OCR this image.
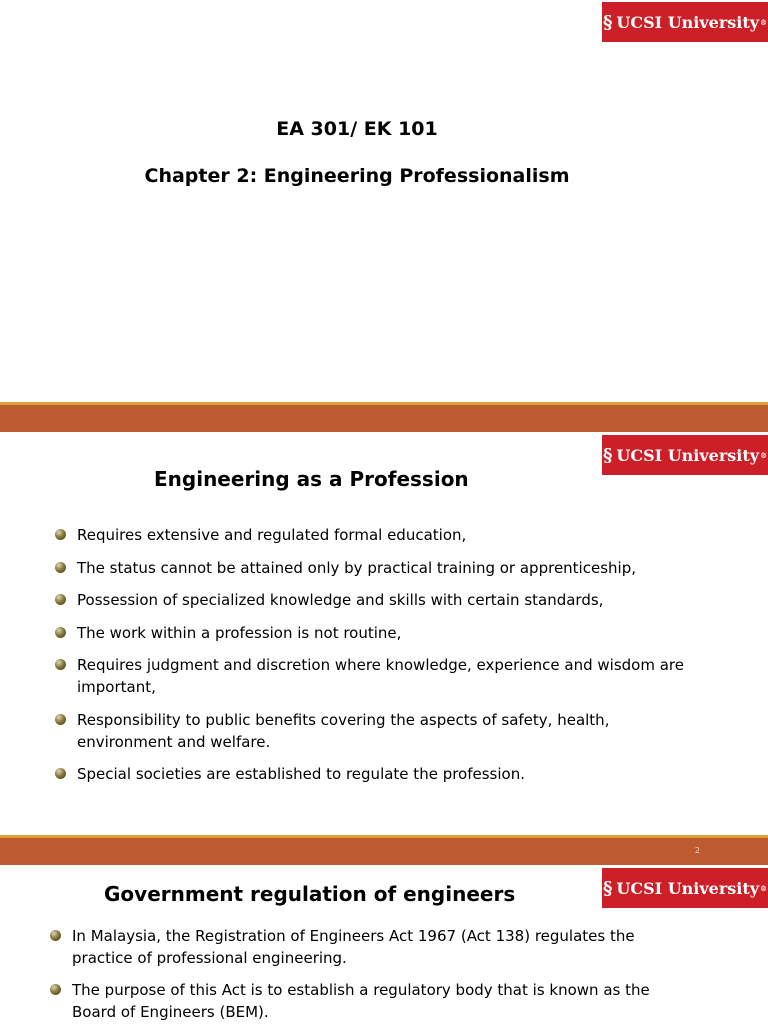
§ UCSI University ®
EA 301/ EK 101
Chapter 2: Engineering Professionalism
§ UCSI University ®
Engineering as a Profession
Requires extensive and regulated formal education,
The status cannot be attained only by practical training or apprenticeship,
Possession of specialized knowledge and skills with certain standards,
The work within a profession is not routine,
Requires judgment and discretion where knowledge, experience and wisdom are important,
Responsibility to public benefits covering the aspects of safety, health, environment and welfare.
Special societies are established to regulate the profession.
2
§ UCSI University ®
Government regulation of engineers
In Malaysia, the Registration of Engineers Act 1967 (Act 138) regulates the practice of professional engineering.
The purpose of this Act is to establish a regulatory body that is known as the Board of Engineers (BEM).
